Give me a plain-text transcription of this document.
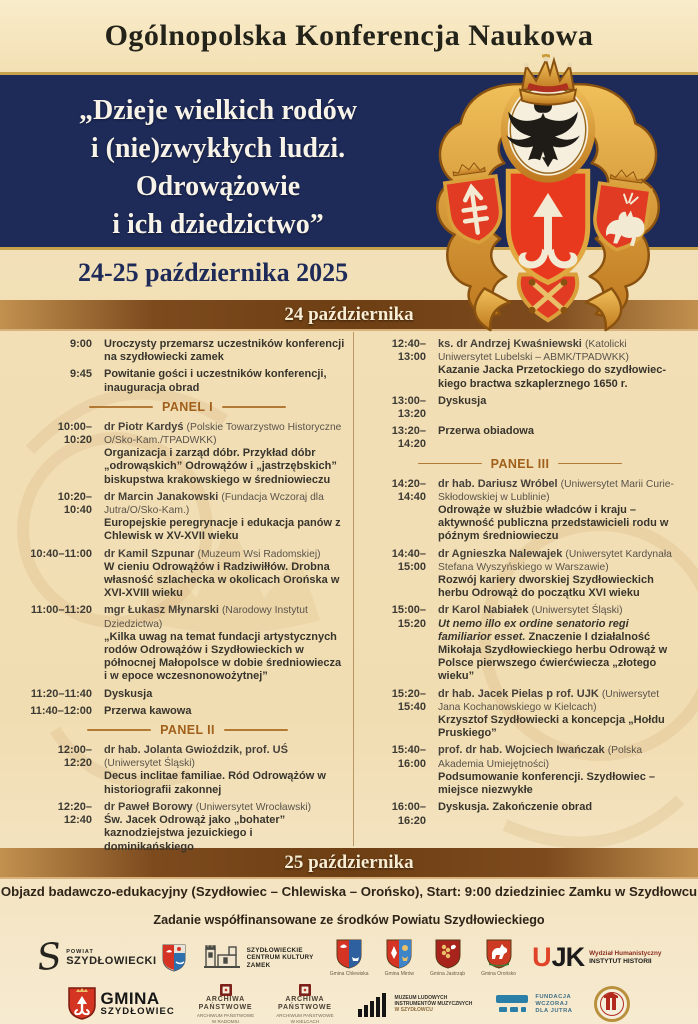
Ogólnopolska Konferencja Naukowa
„Dzieje wielkich rodów
i (nie)zwykłych ludzi.
Odrowążowie
i ich dziedzictwo”
24-25 października 2025
24 października
9:00 Uroczysty przemarsz uczestników konferencji na szydłowiecki zamek
9:45 Powitanie gości i uczestników konferencji, inauguracja obrad
PANEL I
10:00–10:20
dr Piotr Kardyś (Polskie Towarzystwo Historyczne O/Sko-Kam./TPADWKK)
Organizacja i zarząd dóbr. Przykład dóbr „odrowąskich” Odrowążów i „jastrzębskich” biskupstwa krakowskiego w średniowieczu
10:20–10:40
dr Marcin Janakowski (Fundacja Wczoraj dla Jutra/O/Sko-Kam.)
Europejskie peregrynacje i edukacja panów z Chlewisk w XV-XVII wieku
10:40–11:00 dr Kamil Szpunar (Muzeum Wsi Radomskiej)
W cieniu Odrowążów i Radziwiłłów. Drobna własność szlachecka w okolicach Orońska w XVI-XVIII wieku
11:00–11:20 mgr Łukasz Młynarski (Narodowy Instytut Dziedzictwa)
„Kilka uwag na temat fundacji artystycznych rodów Odrowążów i Szydłowieckich w północnej Małopolsce w dobie średniowiecza i w epoce wczesnonowożytnej”
11:20–11:40 Dyskusja
11:40–12:00 Przerwa kawowa
PANEL II
12:00–12:20
dr hab. Jolanta Gwioździk, prof. UŚ (Uniwersytet Śląski)
Decus inclitae familiae. Ród Odrowążów w historiografii zakonnej
12:20–12:40
dr Paweł Borowy (Uniwersytet Wrocławski)
Św. Jacek Odrowąż jako „bohater” kaznodziejstwa jezuickiego i dominikańskiego
12:40–13:00
ks. dr Andrzej Kwaśniewski (Katolicki Uniwersytet Lubelski – ABMK/TPADWKK)
Kazanie Jacka Przetockiego do szydłowiec-kiego bractwa szkaplerznego 1650 r.
13:00–13:20
Dyskusja
13:20–14:20
Przerwa obiadowa
PANEL III
14:20–14:40
dr hab. Dariusz Wróbel (Uniwersytet Marii Curie-Skłodowskiej w Lublinie)
Odrowąże w służbie władców i kraju – aktywność publiczna przedstawicieli rodu w późnym średniowieczu
14:40–15:00
dr Agnieszka Nalewajek (Uniwersytet Kardynała Stefana Wyszyńskiego w Warszawie)
Rozwój kariery dworskiej Szydłowieckich herbu Odrowąż do początku XVI wieku
15:00–15:20
dr Karol Nabiałek (Uniwersytet Śląski)
Ut nemo illo ex ordine senatorio regi familiarior esset. Znaczenie I działalność Mikołaja Szydłowieckiego herbu Odrowąż w Polsce pierwszego ćwierćwiecza „złotego wieku”
15:20–15:40
dr hab. Jacek Pielas p rof. UJK (Uniwersytet Jana Kochanowskiego w Kielcach)
Krzysztof Szydłowiecki a koncepcja „Hołdu Pruskiego”
15:40–16:00
prof. dr hab. Wojciech Iwańczak (Polska Akademia Umiejętności)
Podsumowanie konferencji. Szydłowiec – miejsce niezwykłe
16:00–16:20
Dyskusja. Zakończenie obrad
25 października
Objazd badawczo-edukacyjny (Szydłowiec – Chlewiska – Orońsko), Start: 9:00 dziedziniec Zamku w Szydłowcu
Zadanie współfinansowane ze środków Powiatu Szydłowieckiego
S POWIAT
SZYDŁOWIECKI
SZYDŁOWIECKIE
CENTRUM KULTURY
ZAMEK
Gmina Chlewiska	Gmina Mirów	Gmina Jastrząb	Gmina Orońsko
UJK Wydział Humanistyczny
INSTYTUT HISTORII
GMINA
SZYDŁOWIEC
ARCHIWA
PAŃSTWOWE
ARCHIWUM PAŃSTWOWE
W RADOMIU
ARCHIWA
PAŃSTWOWE
ARCHIWUM PAŃSTWOWE
W KIELCACH
MUZEUM LUDOWYCH
INSTRUMENTÓW MUZYCZNYCH
W SZYDŁOWCU
FUNDACJA
WCZORAJ
DLA JUTRA
